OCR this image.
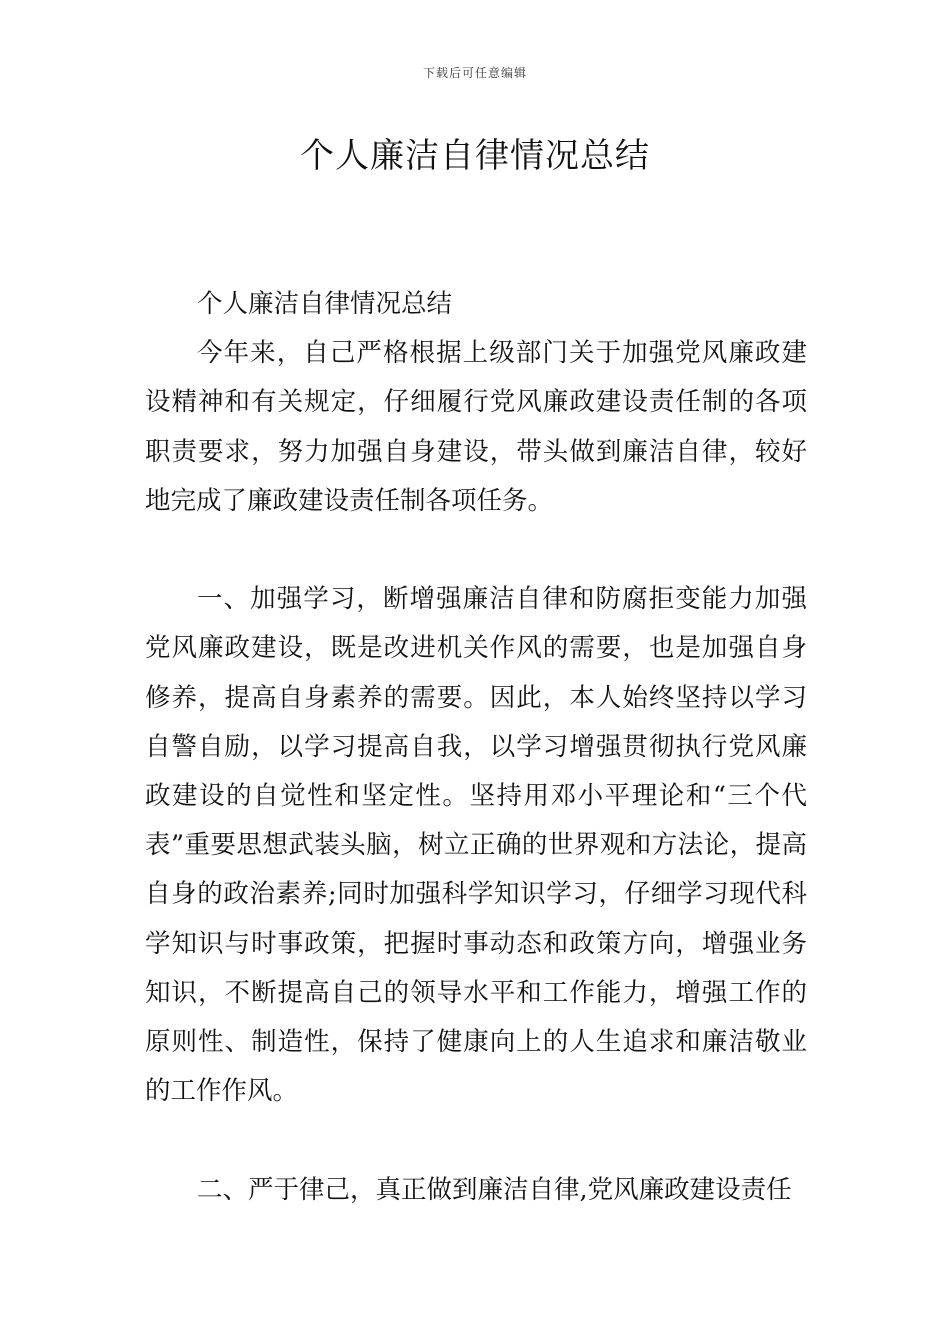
下载后可任意编辑
个人廉洁自律情况总结

个人廉洁自律情况总结

今年来，自己严格根据上级部门关于加强党风廉政建设精神和有关规定，仔细履行党风廉政建设责任制的各项职责要求，努力加强自身建设，带头做到廉洁自律，较好地完成了廉政建设责任制各项任务。

一、加强学习，断增强廉洁自律和防腐拒变能力加强党风廉政建设，既是改进机关作风的需要，也是加强自身修养，提高自身素养的需要。因此，本人始终坚持以学习自警自励，以学习提高自我，以学习增强贯彻执行党风廉政建设的自觉性和坚定性。坚持用邓小平理论和“三个代表”重要思想武装头脑，树立正确的世界观和方法论，提高自身的政治素养;同时加强科学知识学习，仔细学习现代科学知识与时事政策，把握时事动态和政策方向，增强业务知识，不断提高自己的领导水平和工作能力，增强工作的原则性、制造性，保持了健康向上的人生追求和廉洁敬业的工作作风。

二、严于律己，真正做到廉洁自律,党风廉政建设责任
